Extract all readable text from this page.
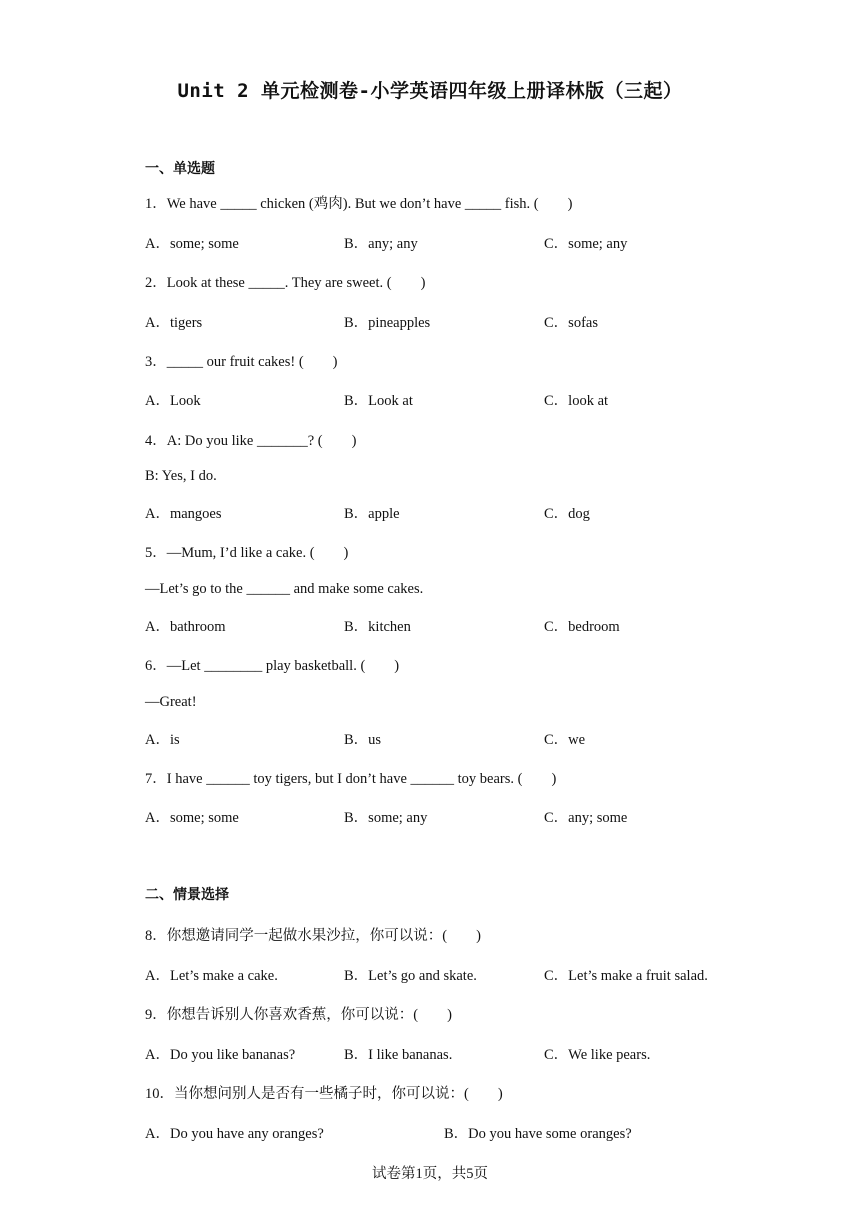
Unit 2 单元检测卷-小学英语四年级上册译林版（三起）
一、单选题
1．We have _____ chicken (鸡肉). But we don’t have _____ fish. (　　)
A．some; some	B．any; any	C．some; any
2．Look at these _____. They are sweet. (　　)
A．tigers	B．pineapples	C．sofas
3．_____ our fruit cakes! (　　)
A．Look	B．Look at	C．look at
4．A: Do you like _______? (　　)
B: Yes, I do.
A．mangoes	B．apple	C．dog
5．—Mum, I’d like a cake. (　　)
—Let’s go to the ______ and make some cakes.
A．bathroom	B．kitchen	C．bedroom
6．—Let ________ play basketball. (　　)
—Great!
A．is	B．us	C．we
7．I have ______ toy tigers, but I don’t have ______ toy bears. (　　)
A．some; some	B．some; any	C．any; some
二、情景选择
8．你想邀请同学一起做水果沙拉，你可以说：(　　)
A．Let’s make a cake.	B．Let’s go and skate.	C．Let’s make a fruit salad.
9．你想告诉别人你喜欢香蕉，你可以说：(　　)
A．Do you like bananas?	B．I like bananas.	C．We like pears.
10．当你想问别人是否有一些橘子时，你可以说：(　　)
A．Do you have any oranges?	B．Do you have some oranges?
试卷第1页，共5页
